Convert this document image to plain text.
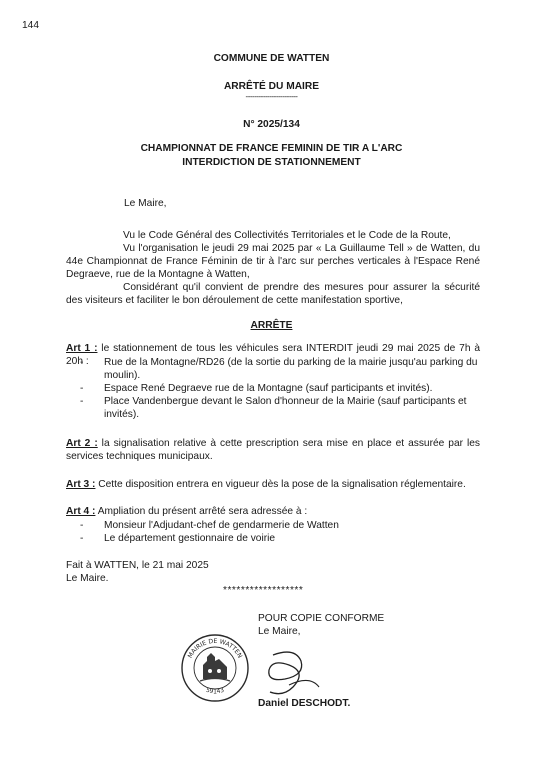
144
COMMUNE DE WATTEN
ARRÊTÉ DU MAIRE
------------------------
N° 2025/134
CHAMPIONNAT DE FRANCE FEMININ DE TIR A L'ARC
INTERDICTION DE STATIONNEMENT
Le Maire,
Vu le Code Général des Collectivités Territoriales et le Code de la Route,
Vu l'organisation le jeudi 29 mai 2025 par « La Guillaume Tell » de Watten, du 44e Championnat de France Féminin de tir à l'arc sur perches verticales à l'Espace René Degraeve, rue de la Montagne à Watten,
Considérant qu'il convient de prendre des mesures pour assurer la sécurité des visiteurs et faciliter le bon déroulement de cette manifestation sportive,
ARRÊTE
Art 1 : le stationnement de tous les véhicules sera INTERDIT jeudi 29 mai 2025 de 7h à 20h :
-	Rue de la Montagne/RD26 (de la sortie du parking de la mairie jusqu'au parking du moulin).
- Espace René Degraeve rue de la Montagne (sauf participants et invités).
- Place Vandenbergue devant le Salon d'honneur de la Mairie (sauf participants et invités).
Art 2 : la signalisation relative à cette prescription sera mise en place et assurée par les services techniques municipaux.
Art 3 : Cette disposition entrera en vigueur dès la pose de la signalisation réglementaire.
Art 4 : Ampliation du présent arrêté sera adressée à :
- Monsieur l'Adjudant-chef de gendarmerie de Watten
- Le département gestionnaire de voirie
Fait à WATTEN, le 21 mai 2025
Le Maire.
******************
POUR COPIE CONFORME
Le Maire,
MAIRIE DE WATTEN
59143
Daniel DESCHODT.
